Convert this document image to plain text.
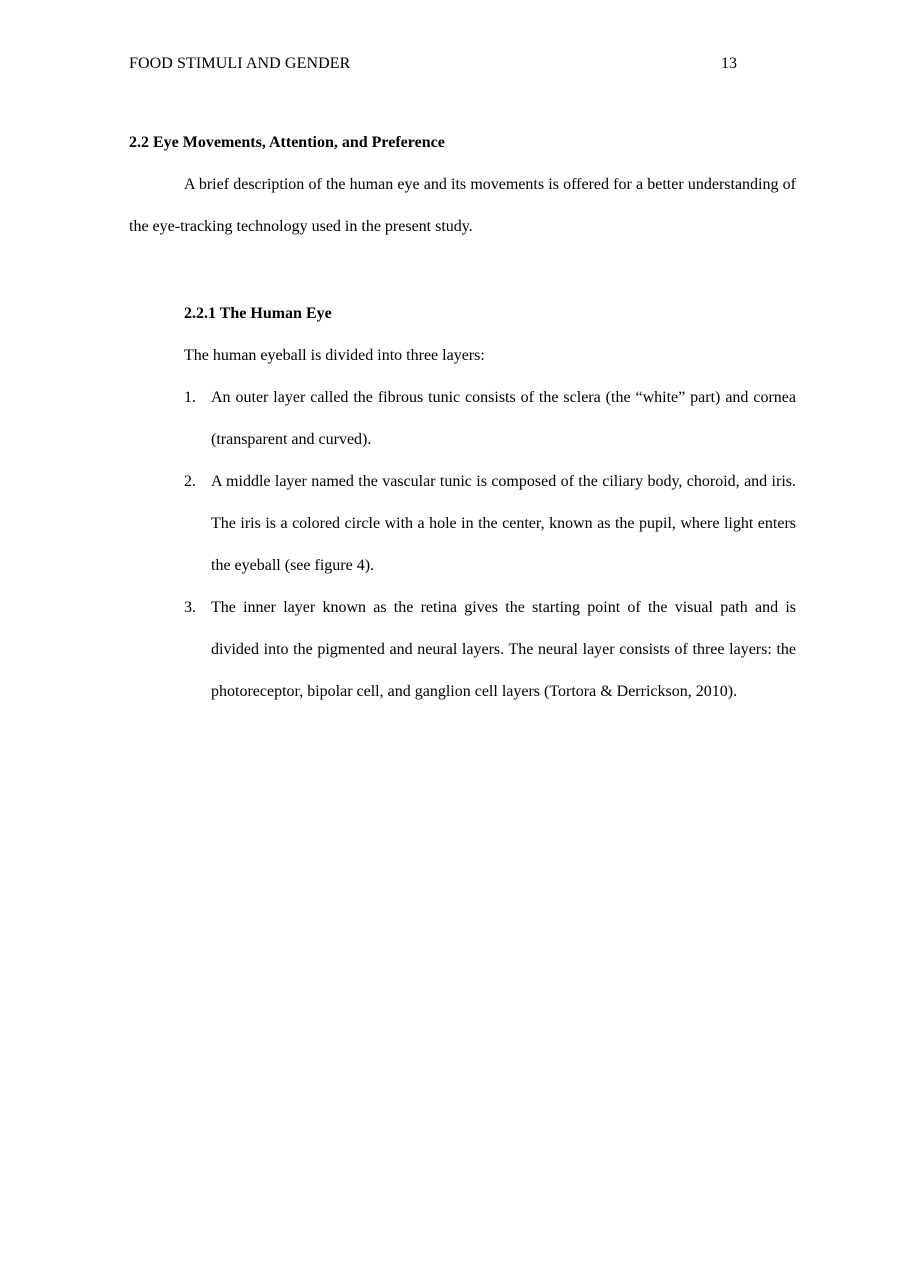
FOOD STIMULI AND GENDER	13
2.2 Eye Movements, Attention, and Preference

A brief description of the human eye and its movements is offered for a better understanding of the eye-tracking technology used in the present study.

2.2.1 The Human Eye
The human eyeball is divided into three layers:
1. An outer layer called the fibrous tunic consists of the sclera (the “white” part) and cornea (transparent and curved).
2. A middle layer named the vascular tunic is composed of the ciliary body, choroid, and iris. The iris is a colored circle with a hole in the center, known as the pupil, where light enters the eyeball (see figure 4).
3. The inner layer known as the retina gives the starting point of the visual path and is divided into the pigmented and neural layers. The neural layer consists of three layers: the photoreceptor, bipolar cell, and ganglion cell layers (Tortora & Derrickson, 2010).
